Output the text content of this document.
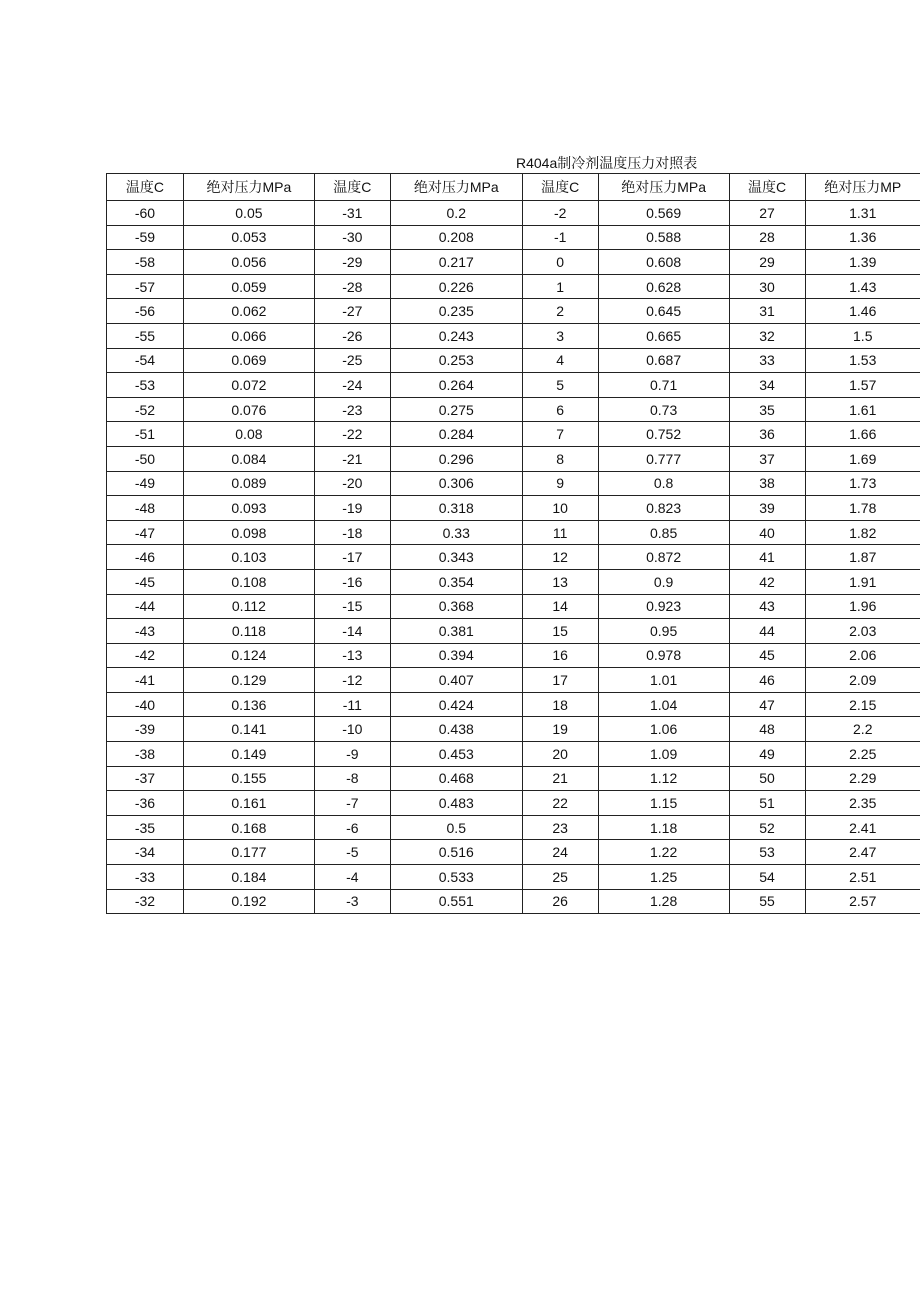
R404a制冷剂温度压力对照表
温度C	绝对压力MPa	温度C	绝对压力MPa	温度C	绝对压力MPa	温度C	绝对压力MP
-60	0.05	-31	0.2	-2	0.569	27	1.31
-59	0.053	-30	0.208	-1	0.588	28	1.36
-58	0.056	-29	0.217	0	0.608	29	1.39
-57	0.059	-28	0.226	1	0.628	30	1.43
-56	0.062	-27	0.235	2	0.645	31	1.46
-55	0.066	-26	0.243	3	0.665	32	1.5
-54	0.069	-25	0.253	4	0.687	33	1.53
-53	0.072	-24	0.264	5	0.71	34	1.57
-52	0.076	-23	0.275	6	0.73	35	1.61
-51	0.08	-22	0.284	7	0.752	36	1.66
-50	0.084	-21	0.296	8	0.777	37	1.69
-49	0.089	-20	0.306	9	0.8	38	1.73
-48	0.093	-19	0.318	10	0.823	39	1.78
-47	0.098	-18	0.33	11	0.85	40	1.82
-46	0.103	-17	0.343	12	0.872	41	1.87
-45	0.108	-16	0.354	13	0.9	42	1.91
-44	0.112	-15	0.368	14	0.923	43	1.96
-43	0.118	-14	0.381	15	0.95	44	2.03
-42	0.124	-13	0.394	16	0.978	45	2.06
-41	0.129	-12	0.407	17	1.01	46	2.09
-40	0.136	-11	0.424	18	1.04	47	2.15
-39	0.141	-10	0.438	19	1.06	48	2.2
-38	0.149	-9	0.453	20	1.09	49	2.25
-37	0.155	-8	0.468	21	1.12	50	2.29
-36	0.161	-7	0.483	22	1.15	51	2.35
-35	0.168	-6	0.5	23	1.18	52	2.41
-34	0.177	-5	0.516	24	1.22	53	2.47
-33	0.184	-4	0.533	25	1.25	54	2.51
-32	0.192	-3	0.551	26	1.28	55	2.57
